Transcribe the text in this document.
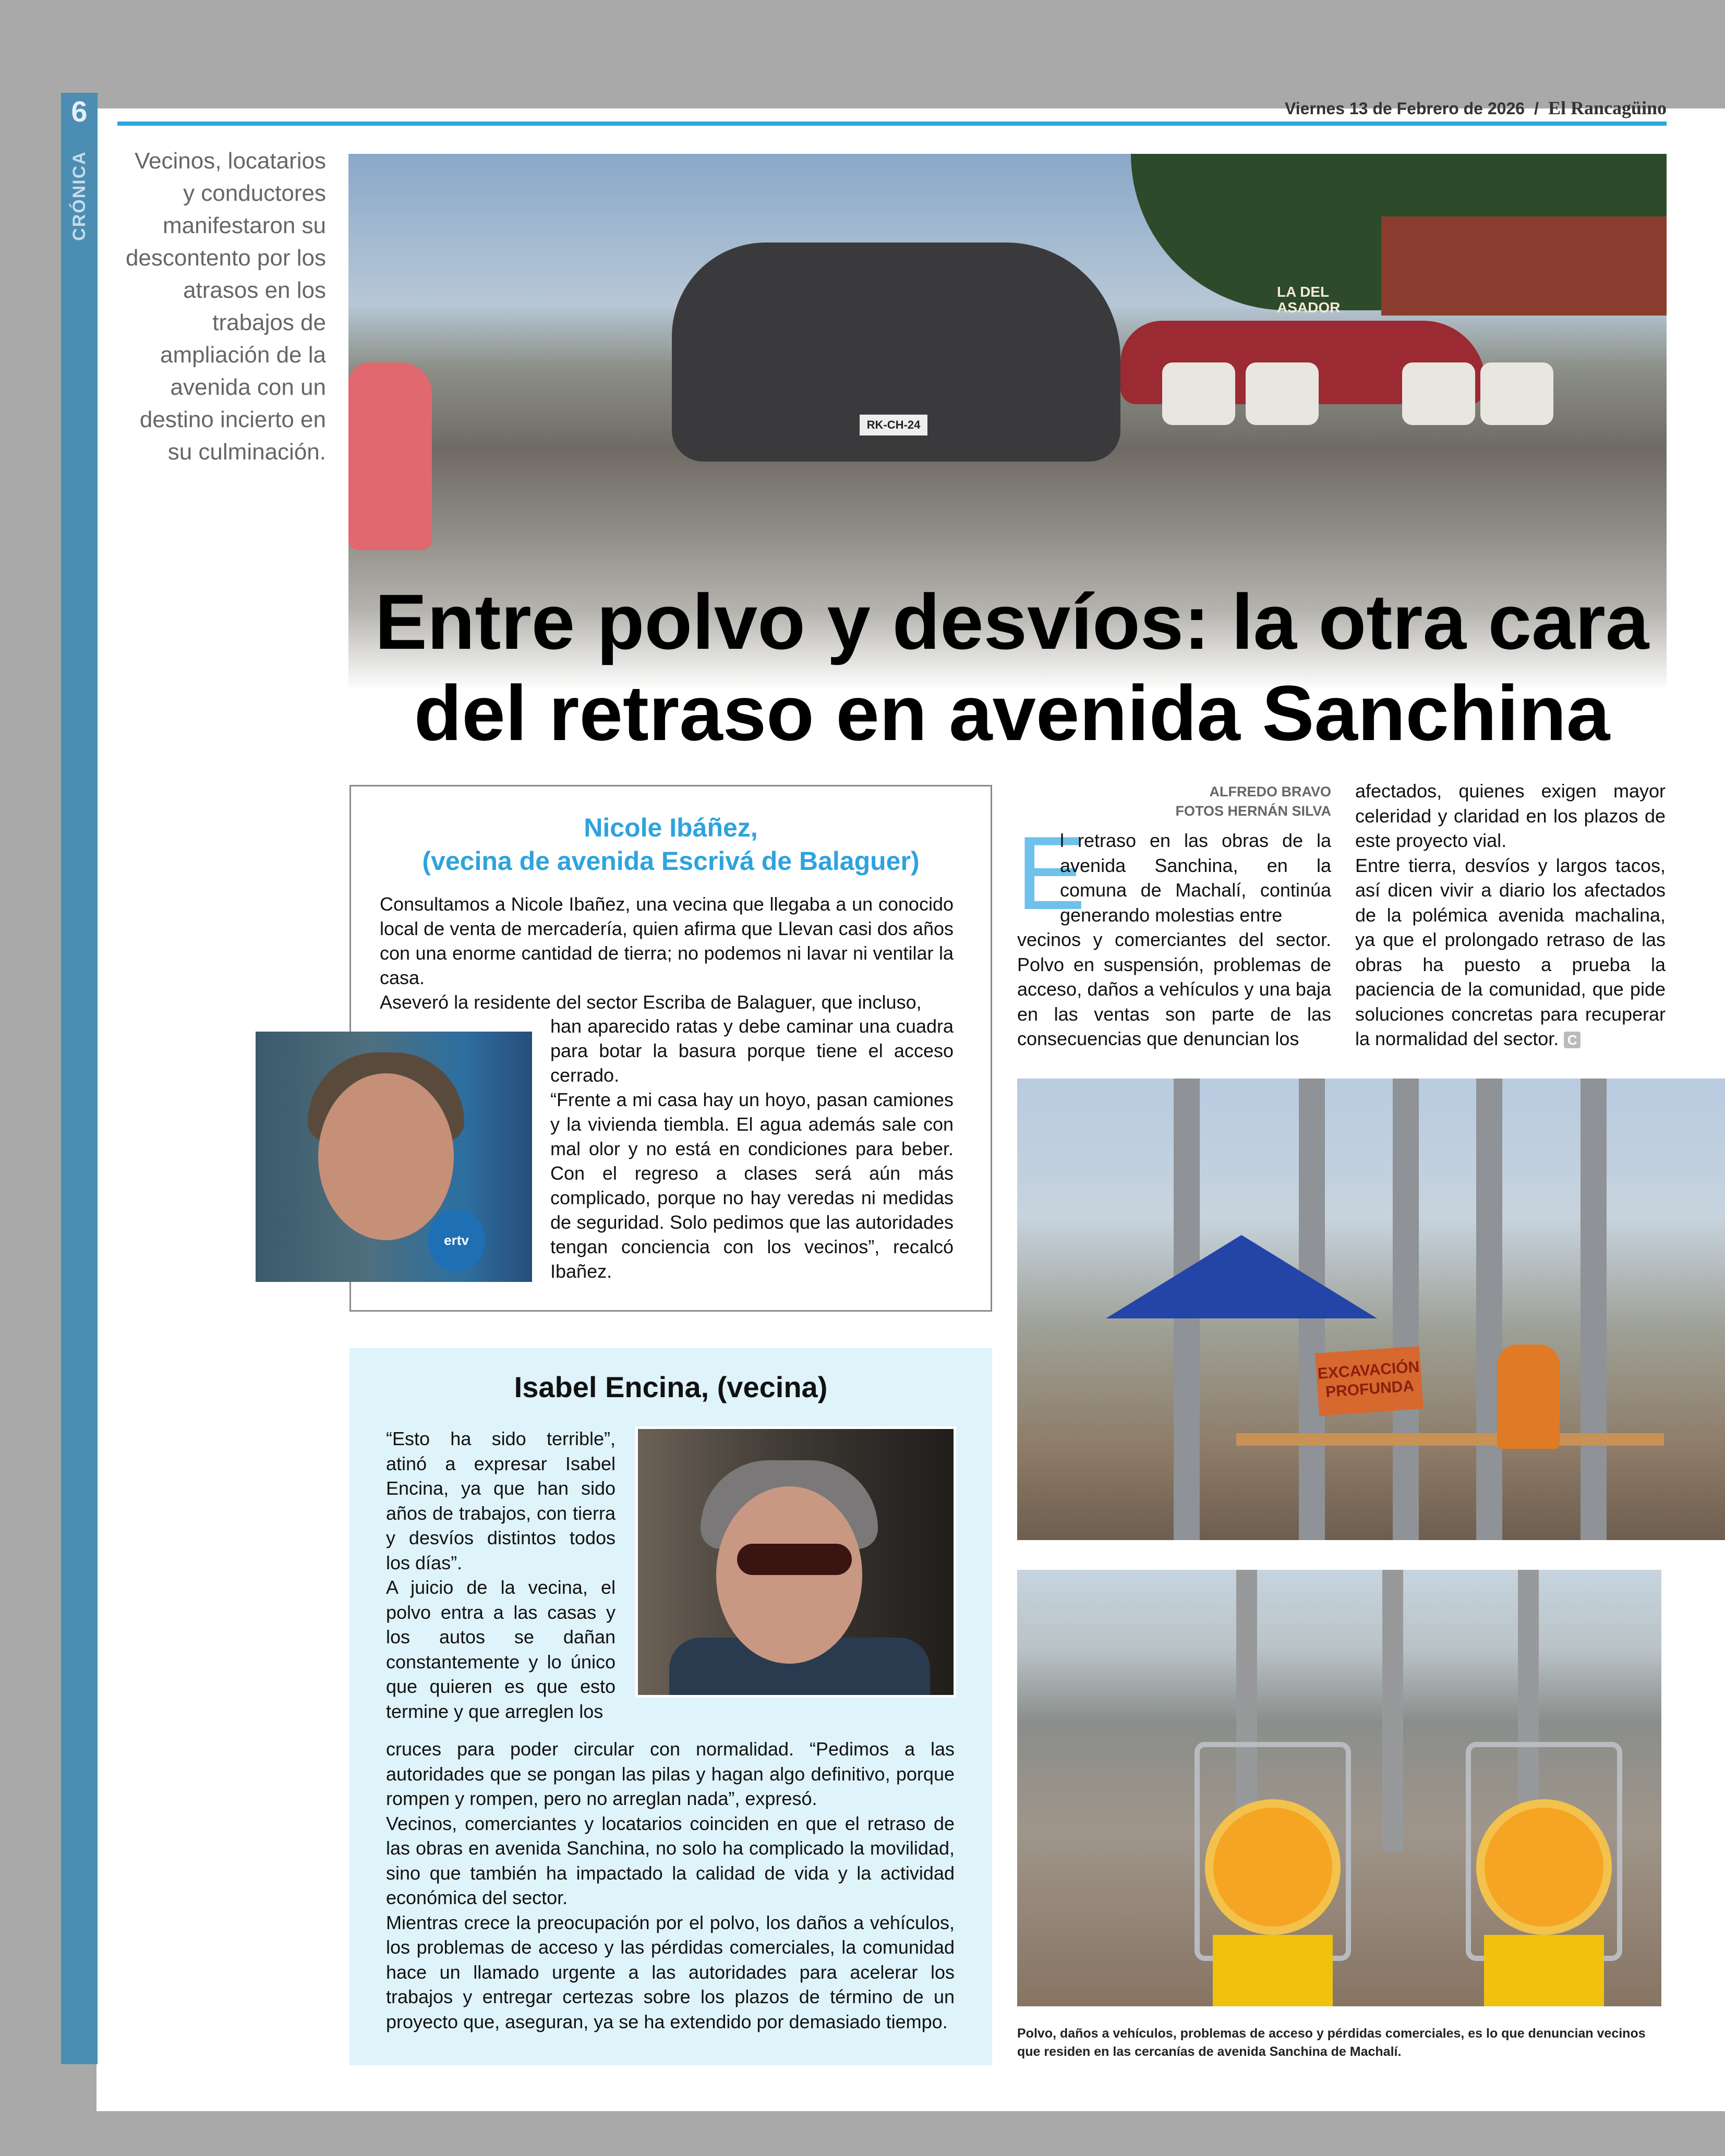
6
CRÓNICA
Viernes 13 de Febrero de 2026 / El Rancagüino
Vecinos, locatarios y conductores manifestaron su descontento por los atrasos en los trabajos de ampliación de la avenida con un destino incierto en su culminación.
RK-CH-24
LA DEL ASADOR
Entre polvo y desvíos: la otra cara
del retraso en avenida Sanchina
Nicole Ibáñez,
(vecina de avenida Escrivá de Balaguer)

Consultamos a Nicole Ibañez, una vecina que llegaba a un conocido local de venta de mercadería, quien afirma que Llevan casi dos años con una enorme cantidad de tierra; no podemos ni lavar ni ventilar la casa.

Aseveró la residente del sector Escriba de Balaguer, que incluso,

han aparecido ratas y debe caminar una cuadra para botar la basura porque tiene el acceso cerrado.

“Frente a mi casa hay un hoyo, pasan camiones y la vivienda tiembla. El agua además sale con mal olor y no está en condiciones para beber. Con el regreso a clases será aún más complicado, porque no hay veredas ni medidas de seguridad. Solo pedimos que las autoridades tengan conciencia con los vecinos”, recalcó Ibañez.

ertv
Isabel Encina, (vecina)

“Esto ha sido terrible”, atinó a expresar Isabel Encina, ya que han sido años de trabajos, con tierra y desvíos distintos todos los días”.

A juicio de la vecina, el polvo entra a las casas y los autos se dañan constantemente y lo único que quieren es que esto termine y que arreglen los

cruces para poder circular con normalidad. “Pedimos a las autoridades que se pongan las pilas y hagan algo definitivo, porque rompen y rompen, pero no arreglan nada”, expresó.

Vecinos, comerciantes y locatarios coinciden en que el retraso de las obras en avenida Sanchina, no solo ha complicado la movilidad, sino que también ha impactado la calidad de vida y la actividad económica del sector.

Mientras crece la preocupación por el polvo, los daños a vehículos, los problemas de acceso y las pérdidas comerciales, la comunidad hace un llamado urgente a las autoridades para acelerar los trabajos y entregar certezas sobre los plazos de término de un proyecto que, aseguran, ya se ha extendido por demasiado tiempo.

ALFREDO BRAVO
FOTOS HERNÁN SILVA
E
l retraso en las obras de la avenida Sanchina, en la comuna de Machalí, continúa generando molestias entre
vecinos y comerciantes del sector. Polvo en suspensión, problemas de acceso, daños a vehículos y una baja en las ventas son parte de las consecuencias que denuncian los

afectados, quienes exigen mayor celeridad y claridad en los plazos de este proyecto vial.

Entre tierra, desvíos y largos tacos, así dicen vivir a diario los afectados de la polémica avenida machalina, ya que el prolongado retraso de las obras ha puesto a prueba la paciencia de la comunidad, que pide soluciones concretas para recuperar la normalidad del sector. C

EXCAVACIÓN PROFUNDA
Polvo, daños a vehículos, problemas de acceso y pérdidas comerciales, es lo que denuncian vecinos que residen en las cercanías de avenida Sanchina de Machalí.
